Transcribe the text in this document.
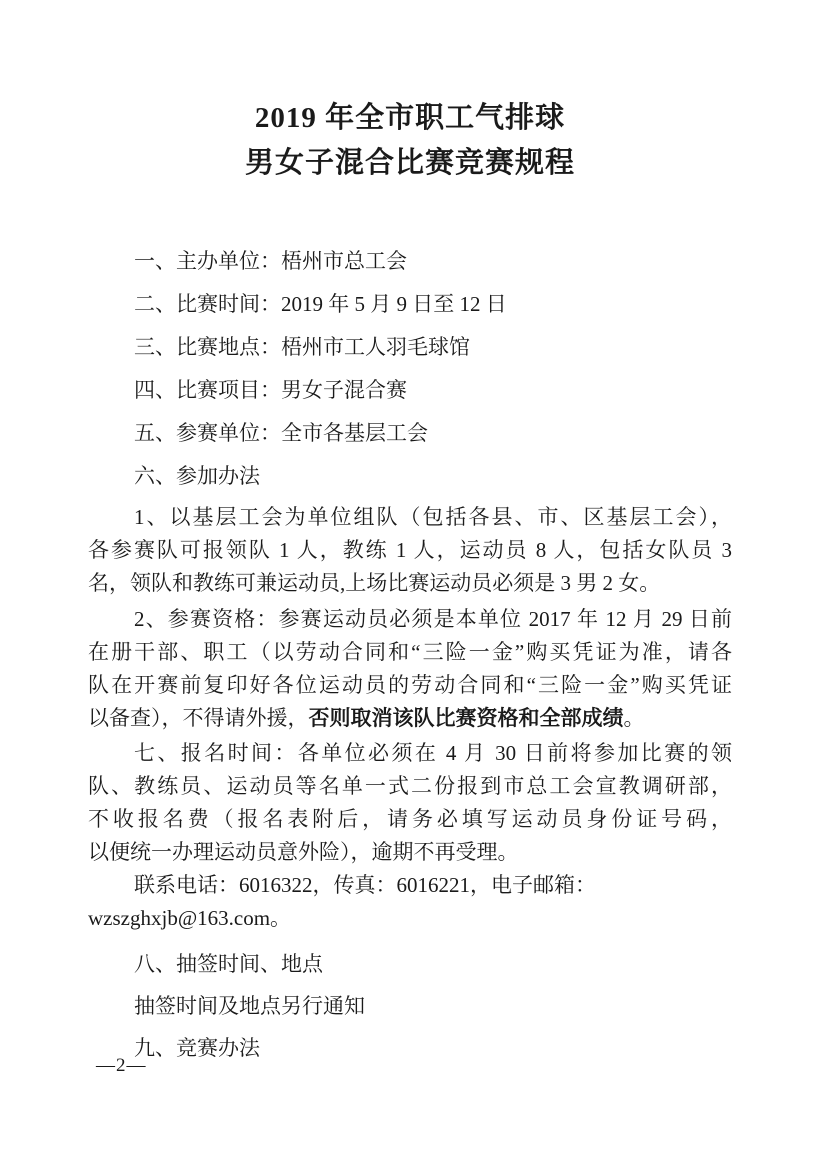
2019 年全市职工气排球
男女子混合比赛竞赛规程
一、主办单位：梧州市总工会
二、比赛时间：2019 年 5 月 9 日至 12 日
三、比赛地点：梧州市工人羽毛球馆
四、比赛项目：男女子混合赛
五、参赛单位：全市各基层工会
六、参加办法
1、以基层工会为单位组队（包括各县、市、区基层工会），
各参赛队可报领队 1 人，教练 1 人，运动员 8 人，包括女队员 3
名，领队和教练可兼运动员,上场比赛运动员必须是 3 男 2 女。
2、参赛资格：参赛运动员必须是本单位 2017 年 12 月 29 日前
在册干部、职工（以劳动合同和“三险一金”购买凭证为准，请各
队在开赛前复印好各位运动员的劳动合同和“三险一金”购买凭证
以备查），不得请外援，否则取消该队比赛资格和全部成绩。
七、报名时间：各单位必须在 4 月 30 日前将参加比赛的领
队、教练员、运动员等名单一式二份报到市总工会宣教调研部，
不收报名费（报名表附后，请务必填写运动员身份证号码，
以便统一办理运动员意外险），逾期不再受理。
联系电话：6016322，传真：6016221，电子邮箱：
wzszghxjb@163.com。
八、抽签时间、地点
抽签时间及地点另行通知
九、竞赛办法
—2—
